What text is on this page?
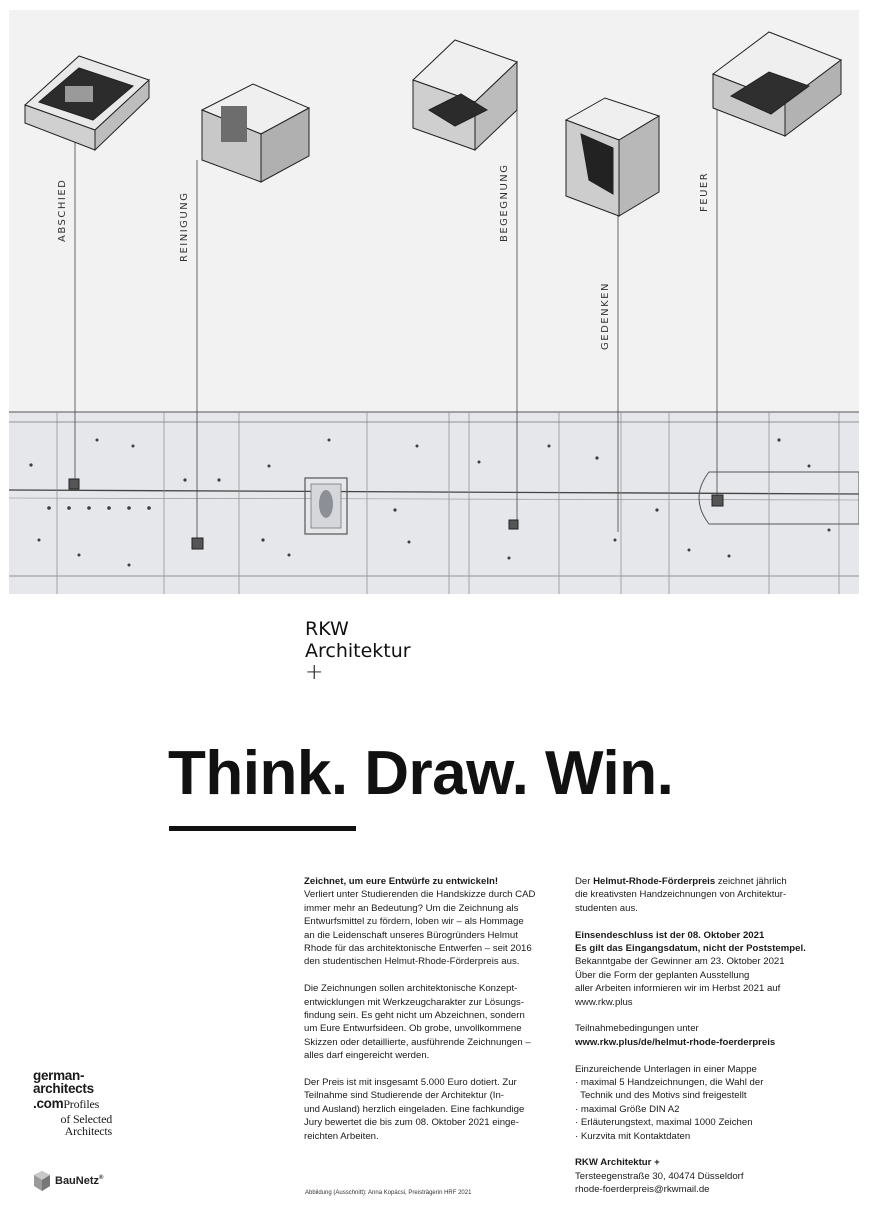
ABSCHIED	REINIGUNG	BEGEGNUNG
GEDENKEN
FEUER
RKW
Architektur
+
Think. Draw. Win.

Zeichnet, um eure Entwürfe zu entwickeln!
Verliert unter Studierenden die Handskizze durch CAD
immer mehr an Bedeutung? Um die Zeichnung als
Entwurfsmittel zu fördern, loben wir – als Hommage
an die Leidenschaft unseres Bürogründers Helmut
Rhode für das architektonische Entwerfen – seit 2016
den studentischen Helmut-Rhode-Förderpreis aus.

Die Zeichnungen sollen architektonische Konzept-
entwicklungen mit Werkzeugcharakter zur Lösungs-
findung sein. Es geht nicht um Abzeichnen, sondern
um Eure Entwurfsideen. Ob grobe, unvollkommene
Skizzen oder detaillierte, ausführende Zeichnungen –
alles darf eingereicht werden.

Der Preis ist mit insgesamt 5.000 Euro dotiert. Zur
Teilnahme sind Studierende der Architektur (In-
und Ausland) herzlich eingeladen. Eine fachkundige
Jury bewertet die bis zum 08. Oktober 2021 einge-
reichten Arbeiten.

Der Helmut-Rhode-Förderpreis zeichnet jährlich
die kreativsten Handzeichnungen von Architektur-
studenten aus.

Einsendeschluss ist der 08. Oktober 2021
Es gilt das Eingangsdatum, nicht der Poststempel.
Bekanntgabe der Gewinner am 23. Oktober 2021
Über die Form der geplanten Ausstellung
aller Arbeiten informieren wir im Herbst 2021 auf
www.rkw.plus

Teilnahmebedingungen unter
www.rkw.plus/de/helmut-rhode-foerderpreis

Einzureichende Unterlagen in einer Mappe
· maximal 5 Handzeichnungen, die Wahl der
Technik und des Motivs sind freigestellt
· maximal Größe DIN A2
· Erläuterungstext, maximal 1000 Zeichen
· Kurzvita mit Kontaktdaten

RKW Architektur +
Tersteegenstraße 30, 40474 Düsseldorf
rhode-foerderpreis@rkwmail.de

Abbildung (Ausschnitt): Anna Kopácsi, Preisträgerin HRF 2021
german-
architects
.comProfiles
of Selected
Architects
BauNetz®
